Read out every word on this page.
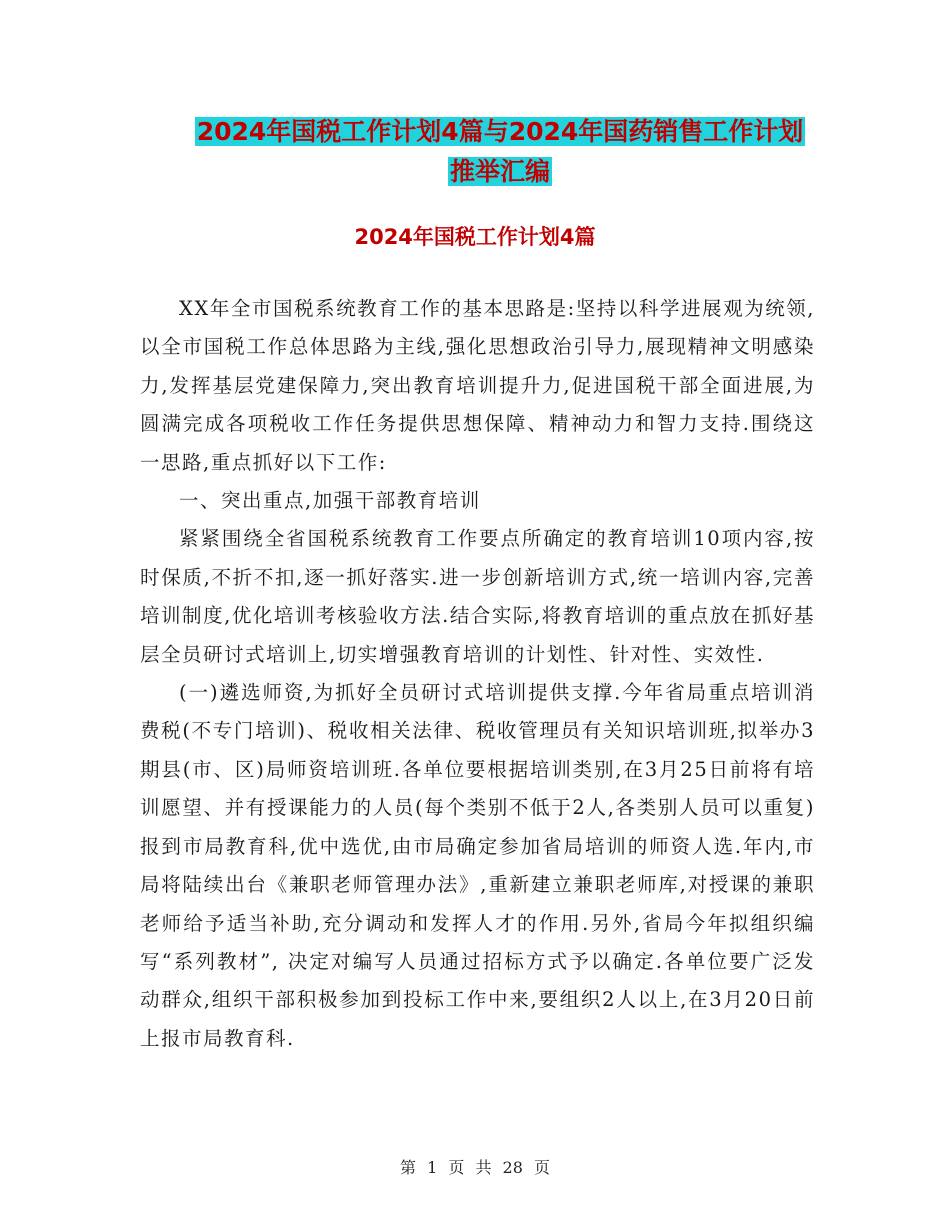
2024年国税工作计划4篇与2024年国药销售工作计划
推举汇编
2024年国税工作计划4篇

XX年全市国税系统教育工作的基本思路是:坚持以科学进展观为统领,以全市国税工作总体思路为主线,强化思想政治引导力,展现精神文明感染力,发挥基层党建保障力,突出教育培训提升力,促进国税干部全面进展,为圆满完成各项税收工作任务提供思想保障、精神动力和智力支持.围绕这一思路,重点抓好以下工作:

一、突出重点,加强干部教育培训

紧紧围绕全省国税系统教育工作要点所确定的教育培训10项内容,按时保质,不折不扣,逐一抓好落实.进一步创新培训方式,统一培训内容,完善培训制度,优化培训考核验收方法.结合实际,将教育培训的重点放在抓好基层全员研讨式培训上,切实增强教育培训的计划性、针对性、实效性.

(一)遴选师资,为抓好全员研讨式培训提供支撑.今年省局重点培训消费税(不专门培训)、税收相关法律、税收管理员有关知识培训班,拟举办3期县(市、区)局师资培训班.各单位要根据培训类别,在3月25日前将有培训愿望、并有授课能力的人员(每个类别不低于2人,各类别人员可以重复)报到市局教育科,优中选优,由市局确定参加省局培训的师资人选.年内,市局将陆续出台《兼职老师管理办法》,重新建立兼职老师库,对授课的兼职老师给予适当补助,充分调动和发挥人才的作用.另外,省局今年拟组织编写“系列教材”, 决定对编写人员通过招标方式予以确定.各单位要广泛发动群众,组织干部积极参加到投标工作中来,要组织2人以上,在3月20日前上报市局教育科.

第 1 页 共 28 页
